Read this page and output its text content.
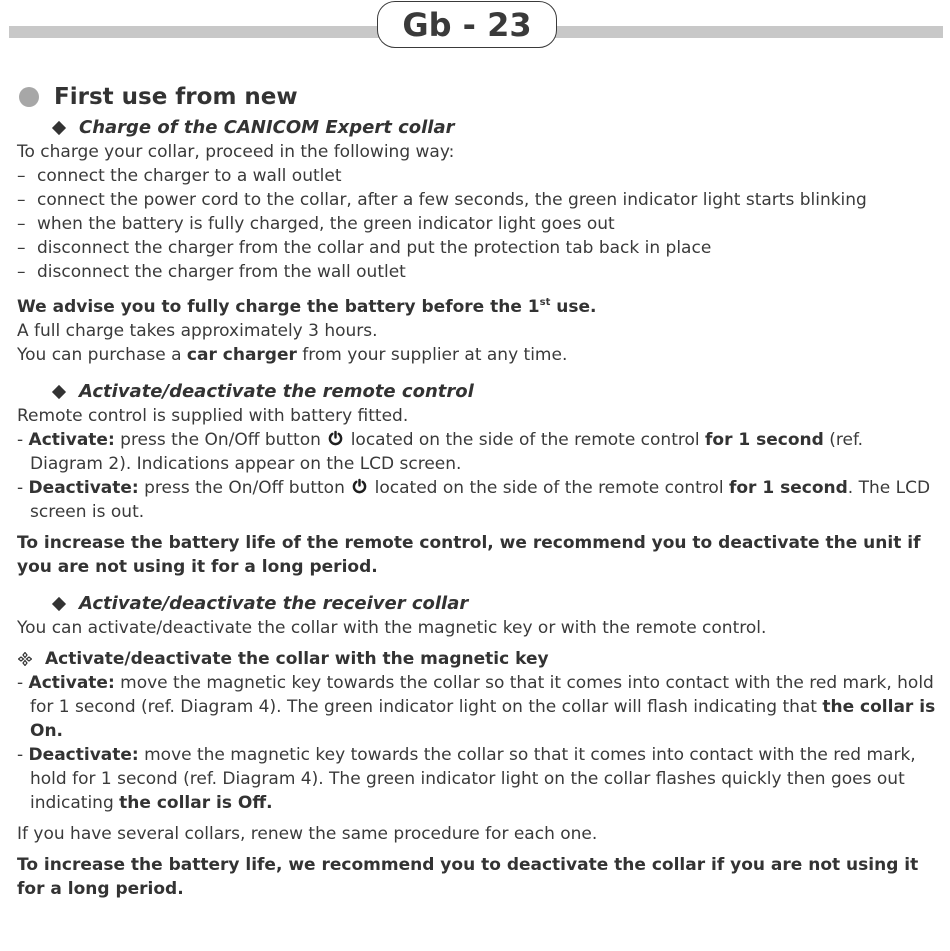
Gb - 23
First use from new
Charge of the CANICOM Expert collar

To charge your collar, proceed in the following way:

– connect the charger to a wall outlet
– connect the power cord to the collar, after a few seconds, the green indicator light starts blinking
– when the battery is fully charged, the green indicator light goes out
– disconnect the charger from the collar and put the protection tab back in place
– disconnect the charger from the wall outlet

We advise you to fully charge the battery before the 1st use.

A full charge takes approximately 3 hours.

You can purchase a car charger from your supplier at any time.

Activate/deactivate the remote control

Remote control is supplied with battery fitted.

- Activate: press the On/Off button  located on the side of the remote control for 1 second (ref. Diagram 2). Indications appear on the LCD screen.

- Deactivate: press the On/Off button  located on the side of the remote control for 1 second. The LCD screen is out.

To increase the battery life of the remote control, we recommend you to deactivate the unit if you are not using it for a long period.

Activate/deactivate the receiver collar

You can activate/deactivate the collar with the magnetic key or with the remote control.

Activate/deactivate the collar with the magnetic key

- Activate: move the magnetic key towards the collar so that it comes into contact with the red mark, hold for 1 second (ref. Diagram 4). The green indicator light on the collar will flash indicating that the collar is On.

- Deactivate: move the magnetic key towards the collar so that it comes into contact with the red mark, hold for 1 second (ref. Diagram 4). The green indicator light on the collar flashes quickly then goes out indicating the collar is Off.

If you have several collars, renew the same procedure for each one.

To increase the battery life, we recommend you to deactivate the collar if you are not using it for a long period.
